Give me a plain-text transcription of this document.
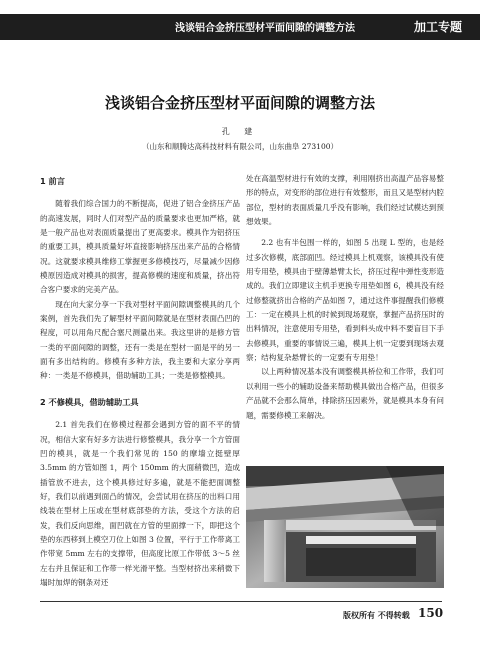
浅谈铝合金挤压型材平面间隙的调整方法	加工专题
浅谈铝合金挤压型材平面间隙的调整方法
孔 建
（山东和顺腾达高科技材料有限公司，山东曲阜 273100）
1 前言

随着我们综合国力的不断提高，促进了铝合金挤压产品的高速发展，同时人们对型产品的质量要求也更加严格，就是一般产品也对表面质量提出了更高要求。模具作为铝挤压的重要工具，模具质量好坏直接影响挤压出来产品的合格情况。这就要求模具维修工掌握更多修模技巧，尽量减少因修模原因造成对模具的损害，提高修模的速度和质量，挤出符合客户要求的完美产品。

现在向大家分享一下我对型材平面间隙调整模具的几个案例，首先我们先了解型材平面间隙就是在型材表面凸凹的程度，可以用角尺配合塞尺测量出来。我这里讲的是修方管一类的平面间隙的调整，还有一类是在型材一面是平的另一面有多出结构的。修模有多种方法，我主要和大家分享两种：一类是不修模具，借助辅助工具；一类是修整模具。

2 不修模具，借助辅助工具

2.1 首先我们在修模过程都会遇到方管的面不平的情况，相信大家有好多方法进行修整模具，我分享一个方管面凹的模具，就是一个我们常见的 150 的摩墙立挺壁厚 3.5mm 的方管如图 1，两个 150mm 的大面稍微凹，造成插管放不进去，这个模具修过好多遍，就是不能把面调整好，我们以前遇到面凸的情况，会尝试用在挤压的出料口用线装在型材上压或在型材底部垫的方法，受这个方法的启发，我们反向思维，面凹就在方管的里面撑一下，即把这个垫的东西移到上模空刀位上如图 3 位置，平行于工作带离工作带宽 5mm 左右的支撑带，但高度比原工作带低 3～5 丝左右并且保证和工作带一样光滑平整。当型材挤出来稍微下塌时加焊的钢条对还

处在高温型材进行有效的支撑，利用刚挤出高温产品容易整形的特点，对变形的部位进行有效整形，而且又是型材内腔部位，型材的表面质量几乎没有影响，我们经过试模达到预想效果。

2.2 也有半包围一样的，如图 5 出现 L 型的，也是经过多次修模，底部面凹。经过模具上机观察，该模具没有使用专用垫，模具由于壁薄悬臂太长，挤压过程中弹性变形造成的。我们立即建议主机手更换专用垫如图 6，模具没有经过修整就挤出合格的产品如图 7，通过这件事提醒我们修模工：一定在模具上机的时候到现场观察，掌握产品挤压时的出料情况，注意使用专用垫，看到料头成中料不要盲目下手去修模具，重要的事情说三遍，模具上机一定要到现场去观察；结构复杂悬臂长的一定要有专用垫！

以上两种情况基本没有调整模具桥位和工作带，我们可以利用一些小的辅助设备来帮助模具做出合格产品，但很多产品就不会那么简单，排除挤压因素外，就是模具本身有问题，需要修模工来解决。

版权所有 不得转载 150
